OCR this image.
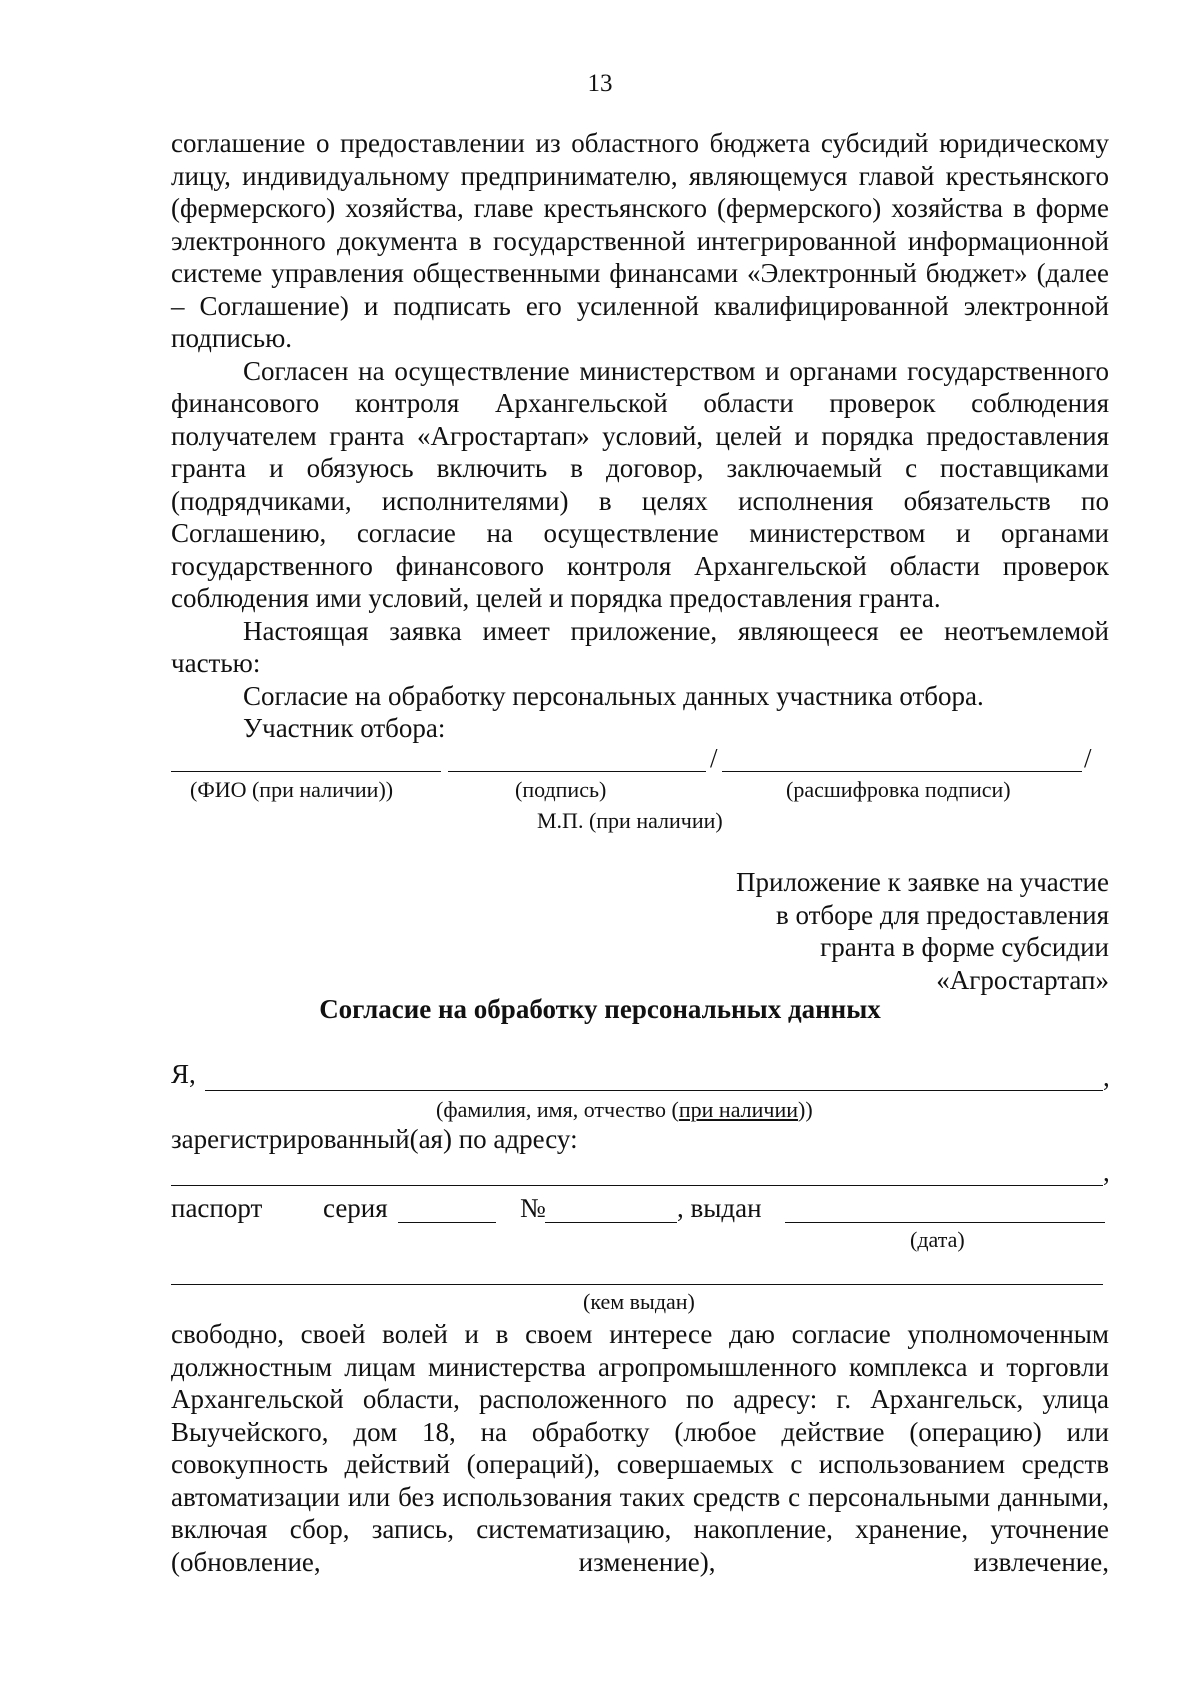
13

соглашение о предоставлении из областного бюджета субсидий юридическому лицу, индивидуальному предпринимателю, являющемуся главой крестьянского (фермерского) хозяйства, главе крестьянского (фермерского) хозяйства в форме электронного документа в государственной интегрированной информационной системе управления общественными финансами «Электронный бюджет» (далее – Соглашение) и подписать его усиленной квалифицированной электронной подписью.

Согласен на осуществление министерством и органами государственного финансового контроля Архангельской области проверок соблюдения получателем гранта «Агростартап» условий, целей и порядка предоставления гранта и обязуюсь включить в договор, заключаемый с поставщиками (подрядчиками, исполнителями) в целях исполнения обязательств по Соглашению, согласие на осуществление министерством и органами государственного финансового контроля Архангельской области проверок соблюдения ими условий, целей и порядка предоставления гранта.

Настоящая заявка имеет приложение, являющееся ее неотъемлемой частью:

Согласие на обработку персональных данных участника отбора.

Участник отбора:

/	/
(ФИО (при наличии))	(подпись)	(расшифровка подписи)
М.П. (при наличии)
Приложение к заявке на участие
в отборе для предоставления
гранта в форме субсидии
«Агростартап»
Согласие на обработку персональных данных
Я,	,
(фамилия, имя, отчество (при наличии))
зарегистрированный(ая) по адресу:
,
паспорт серия	№	, выдан
(дата)
(кем выдан)

свободно, своей волей и в своем интересе даю согласие уполномоченным должностным лицам министерства агропромышленного комплекса и торговли Архангельской области, расположенного по адресу: г. Архангельск, улица Выучейского, дом 18, на обработку (любое действие (операцию) или совокупность действий (операций), совершаемых с использованием средств автоматизации или без использования таких средств с персональными данными, включая сбор, запись, систематизацию, накопление, хранение, уточнение (обновление, изменение), извлечение,
